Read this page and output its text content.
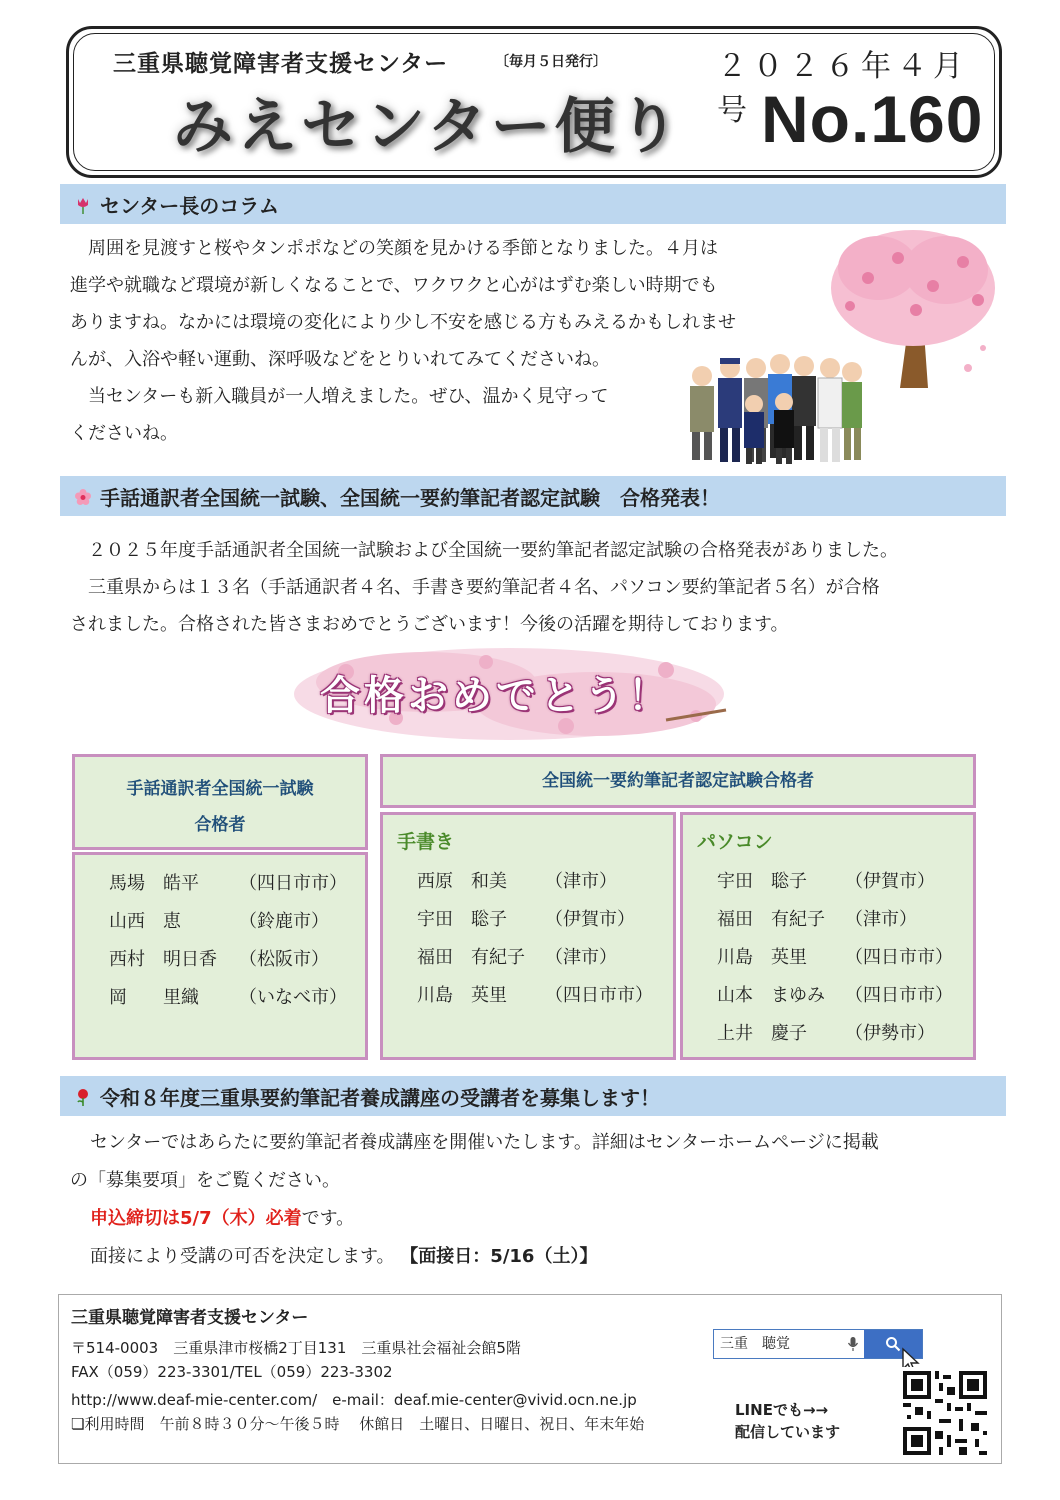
三重県聴覚障害者支援センター	〔毎月５日発行〕	２０２６年４月号
みえセンター便り No.160
センター長のコラム
周囲を見渡すと桜やタンポポなどの笑顔を見かける季節となりました。４月は
進学や就職など環境が新しくなることで、ワクワクと心がはずむ楽しい時期でも
ありますね。なかには環境の変化により少し不安を感じる方もみえるかもしれませ
んが、入浴や軽い運動、深呼吸などをとりいれてみてくださいね。
当センターも新入職員が一人増えました。ぜひ、温かく見守って
くださいね。
手話通訳者全国統一試験、全国統一要約筆記者認定試験　合格発表！
２０２５年度手話通訳者全国統一試験および全国統一要約筆記者認定試験の合格発表がありました。
三重県からは１３名（手話通訳者４名、手書き要約筆記者４名、パソコン要約筆記者５名）が合格
されました。合格された皆さまおめでとうございます！今後の活躍を期待しております。
合格おめでとう！
手話通訳者全国統一試験
合格者
馬場　皓平	（四日市市）
山西　恵	（鈴鹿市）
西村　明日香	（松阪市）
岡　　里織	（いなべ市）
全国統一要約筆記者認定試験合格者
手書き
西原　和美	（津市）
宇田　聡子	（伊賀市）
福田　有紀子	（津市）
川島　英里	（四日市市）
パソコン
宇田　聡子	（伊賀市）
福田　有紀子	（津市）
川島　英里	（四日市市）
山本　まゆみ	（四日市市）
上井　慶子	（伊勢市）
令和８年度三重県要約筆記者養成講座の受講者を募集します！
センターではあらたに要約筆記者養成講座を開催いたします。詳細はセンターホームページに掲載
の「募集要項」をご覧ください。
申込締切は5/7（木）必着です。
面接により受講の可否を決定します。 【面接日：5/16（土）】
三重県聴覚障害者支援センター
〒514-0003　三重県津市桜橋2丁目131　三重県社会福祉会館5階
FAX（059）223-3301/TEL（059）223-3302
http://www.deaf-mie-center.com/　e-mail：deaf.mie-center@vivid.ocn.ne.jp
❏利用時間　午前８時３０分～午後５時　 休館日　土曜日、日曜日、祝日、年末年始
三重　聴覚
LINEでも→→
配信しています
